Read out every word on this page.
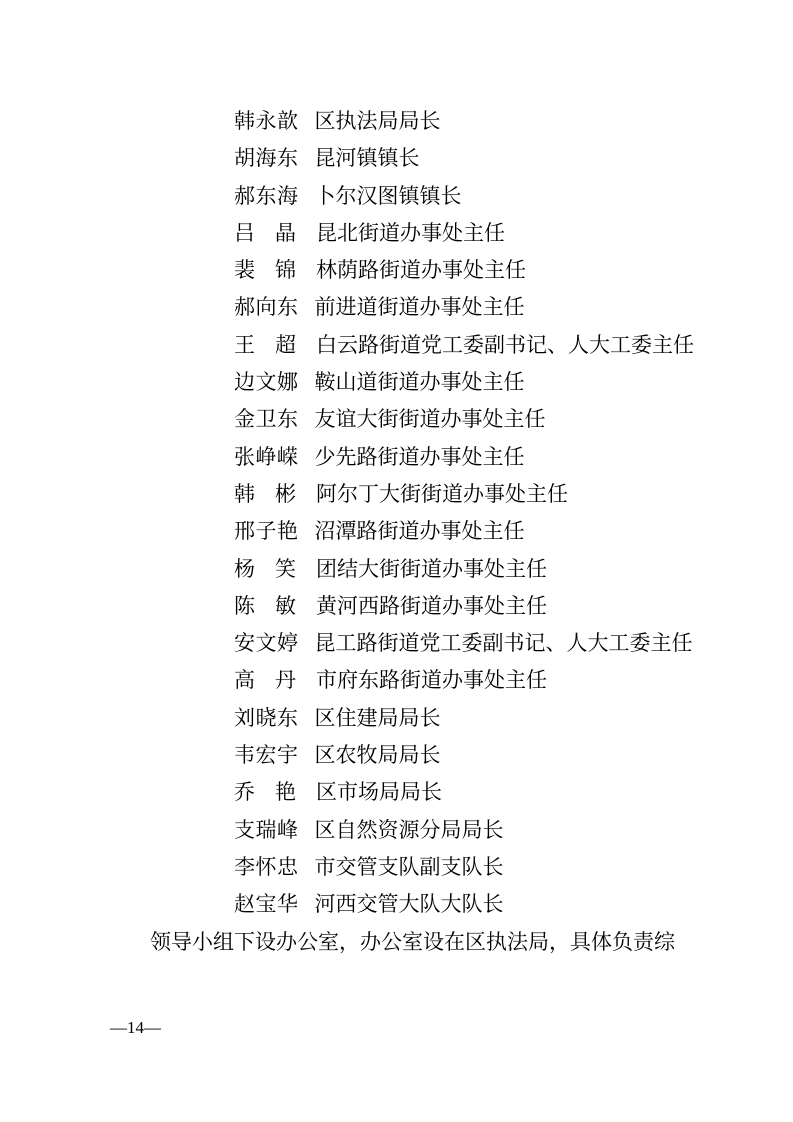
韩永歆 区执法局局长
胡海东 昆河镇镇长
郝东海 卜尔汉图镇镇长
吕晶昆北街道办事处主任
裴锦林荫路街道办事处主任
郝向东 前进道街道办事处主任
王超白云路街道党工委副书记、人大工委主任
边文娜 鞍山道街道办事处主任
金卫东 友谊大街街道办事处主任
张峥嵘 少先路街道办事处主任
韩彬阿尔丁大街街道办事处主任
邢子艳 沼潭路街道办事处主任
杨笑团结大街街道办事处主任
陈敏黄河西路街道办事处主任
安文婷 昆工路街道党工委副书记、人大工委主任
高丹市府东路街道办事处主任
刘晓东 区住建局局长
韦宏宇 区农牧局局长
乔艳区市场局局长
支瑞峰 区自然资源分局局长
李怀忠 市交管支队副支队长
赵宝华 河西交管大队大队长

领导小组下设办公室，办公室设在区执法局，具体负责综

—14—
